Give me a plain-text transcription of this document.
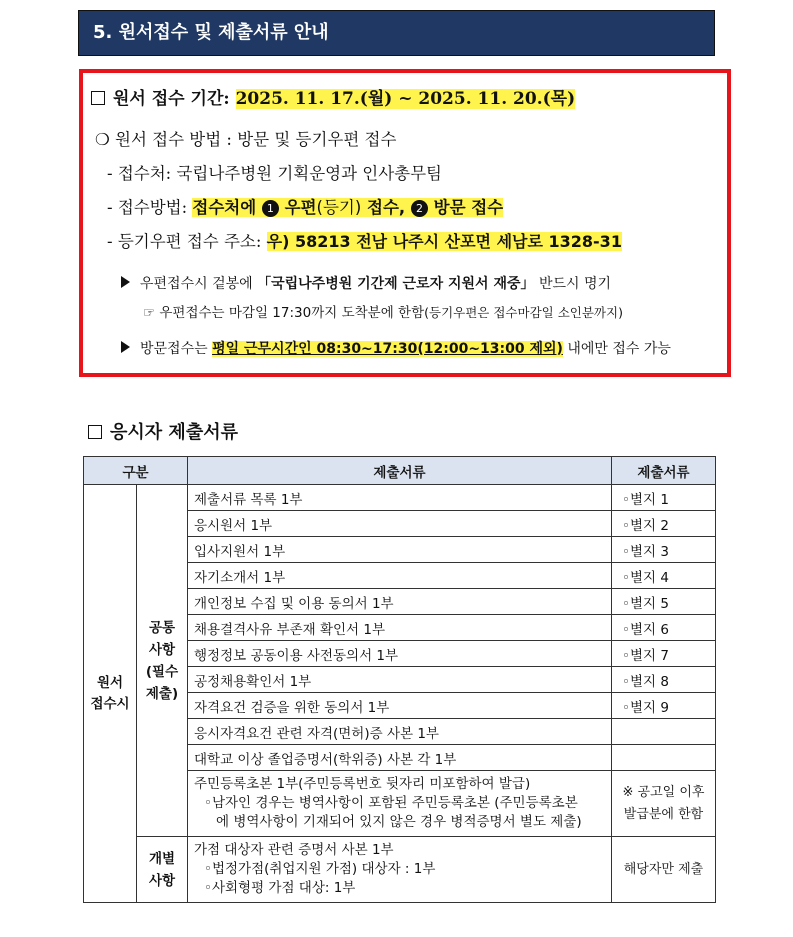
5. 원서접수 및 제출서류 안내
원서 접수 기간: 2025. 11. 17.(월) ~ 2025. 11. 20.(목)
❍ 원서 접수 방법 : 방문 및 등기우편 접수
- 접수처: 국립나주병원 기획운영과 인사총무팀
- 접수방법: 접수처에 1 우편(등기) 접수, 2 방문 접수
- 등기우편 접수 주소: 우) 58213 전남 나주시 산포면 세남로 1328-31
우편접수시 겉봉에 「국립나주병원 기간제 근로자 지원서 재중」 반드시 명기
☞ 우편접수는 마감일 17:30까지 도착분에 한함(등기우편은 접수마감일 소인분까지)
방문접수는 평일 근무시간인 08:30~17:30(12:00~13:00 제외) 내에만 접수 가능
응시자 제출서류
구분		제출서류	제출서류
원서 접수시	공통 사항 (필수 제출)	제출서류 목록 1부	◦별지 1
		응시원서 1부	◦별지 2
		입사지원서 1부	◦별지 3
		자기소개서 1부	◦별지 4
		개인정보 수집 및 이용 동의서 1부	◦별지 5
		채용결격사유 부존재 확인서 1부	◦별지 6
		행정정보 공동이용 사전동의서 1부	◦별지 7
		공정채용확인서 1부	◦별지 8
		자격요건 검증을 위한 동의서 1부	◦별지 9
		응시자격요건 관련 자격(면허)증 사본 1부	
		대학교 이상 졸업증명서(학위증) 사본 각 1부	

		주민등록초본 1부(주민등록번호 뒷자리 미포함하여 발급)
◦남자인 경우는 병역사항이 포함된 주민등록초본 (주민등록초본
에 병역사항이 기재되어 있지 않은 경우 병적증명서 별도 제출)	※ 공고일 이후
발급분에 한함

	개별 사항	가점 대상자 관련 증명서 사본 1부
◦법정가점(취업지원 가점) 대상자 : 1부
◦사회형평 가점 대상: 1부	해당자만 제출
